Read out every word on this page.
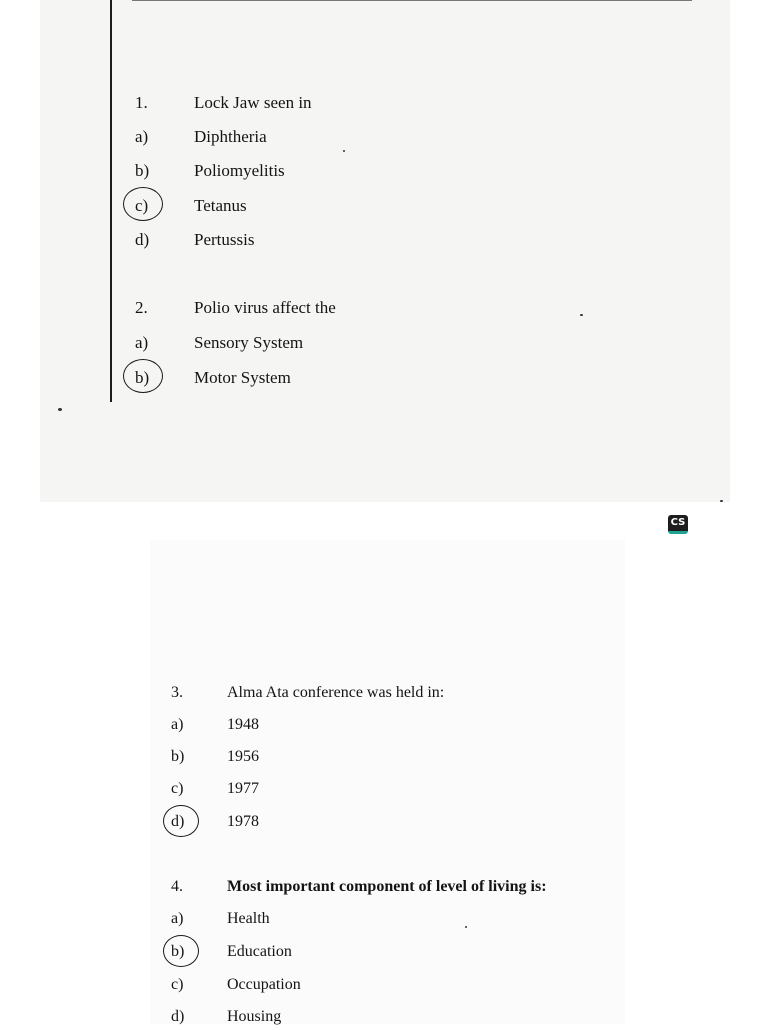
1.	Lock Jaw seen in
a)	Diphtheria
b)	Poliomyelitis
c)	Tetanus
d)	Pertussis
2.	Polio virus affect the
a)	Sensory System
b)	Motor System
CS
3.	Alma Ata conference was held in:
a)	1948
b)	1956
c)	1977
d)	1978
4.	Most important component of level of living is:
a)	Health
b)	Education
c)	Occupation
d)	Housing
